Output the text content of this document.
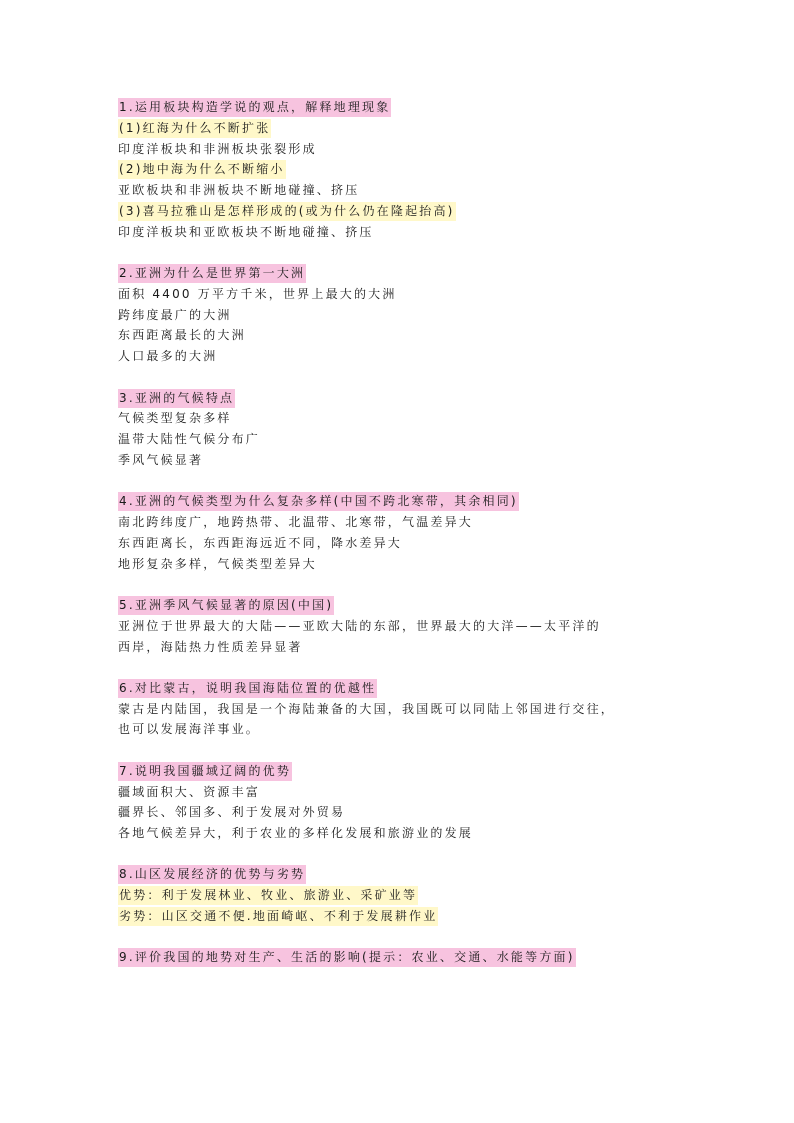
1.运用板块构造学说的观点，解释地理现象
(1)红海为什么不断扩张
印度洋板块和非洲板块张裂形成
(2)地中海为什么不断缩小
亚欧板块和非洲板块不断地碰撞、挤压
(3)喜马拉雅山是怎样形成的(或为什么仍在隆起抬高)
印度洋板块和亚欧板块不断地碰撞、挤压
2.亚洲为什么是世界第一大洲
面积 4400 万平方千米，世界上最大的大洲
跨纬度最广的大洲
东西距离最长的大洲
人口最多的大洲
3.亚洲的气候特点
气候类型复杂多样
温带大陆性气候分布广
季风气候显著
4.亚洲的气候类型为什么复杂多样(中国不跨北寒带，其余相同)
南北跨纬度广，地跨热带、北温带、北寒带，气温差异大
东西距离长，东西距海远近不同，降水差异大
地形复杂多样，气候类型差异大
5.亚洲季风气候显著的原因(中国)
亚洲位于世界最大的大陆——亚欧大陆的东部，世界最大的大洋——太平洋的
西岸，海陆热力性质差异显著
6.对比蒙古，说明我国海陆位置的优越性
蒙古是内陆国，我国是一个海陆兼备的大国，我国既可以同陆上邻国进行交往，
也可以发展海洋事业。
7.说明我国疆域辽阔的优势
疆域面积大、资源丰富
疆界长、邻国多、利于发展对外贸易
各地气候差异大，利于农业的多样化发展和旅游业的发展
8.山区发展经济的优势与劣势
优势：利于发展林业、牧业、旅游业、采矿业等
劣势：山区交通不便.地面崎岖、不利于发展耕作业
9.评价我国的地势对生产、生活的影响(提示：农业、交通、水能等方面)
